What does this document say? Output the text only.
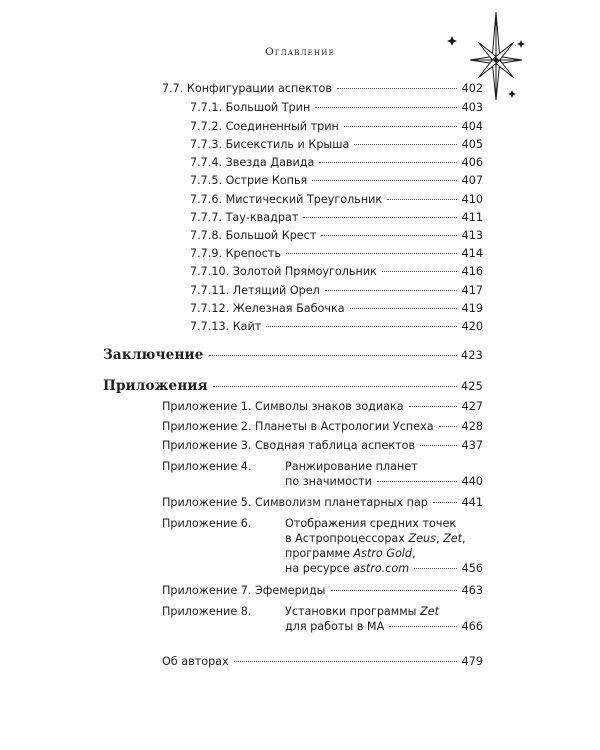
Оглавление
7.7. Конфигурации аспектов	402
7.7.1. Большой Трин	403
7.7.2. Соединенный трин	404
7.7.3. Бисекстиль и Крыша	405
7.7.4. Звезда Давида	406
7.7.5. Острие Копья	407
7.7.6. Мистический Треугольник	410
7.7.7. Тау-квадрат	411
7.7.8. Большой Крест	413
7.7.9. Крепость	414
7.7.10. Золотой Прямоугольник	416
7.7.11. Летящий Орел	417
7.7.12. Железная Бабочка	419
7.7.13. Кайт	420
Заключение	423
Приложения	425
Приложение 1. Символы знаков зодиака	427
Приложение 2. Планеты в Астрологии Успеха	428
Приложение 3. Сводная таблица аспектов	437
Приложение 4.	Ранжирование планет
по значимости	440
Приложение 5. Символизм планетарных пар	441
Приложение 6.	Отображения средних точек
в Астропроцессорах Zeus, Zet,
программе Astro Gold,
на ресурсе astro.com	456
Приложение 7. Эфемериды	463
Приложение 8.	Установки программы Zet
для работы в МА	466
Об авторах	479
